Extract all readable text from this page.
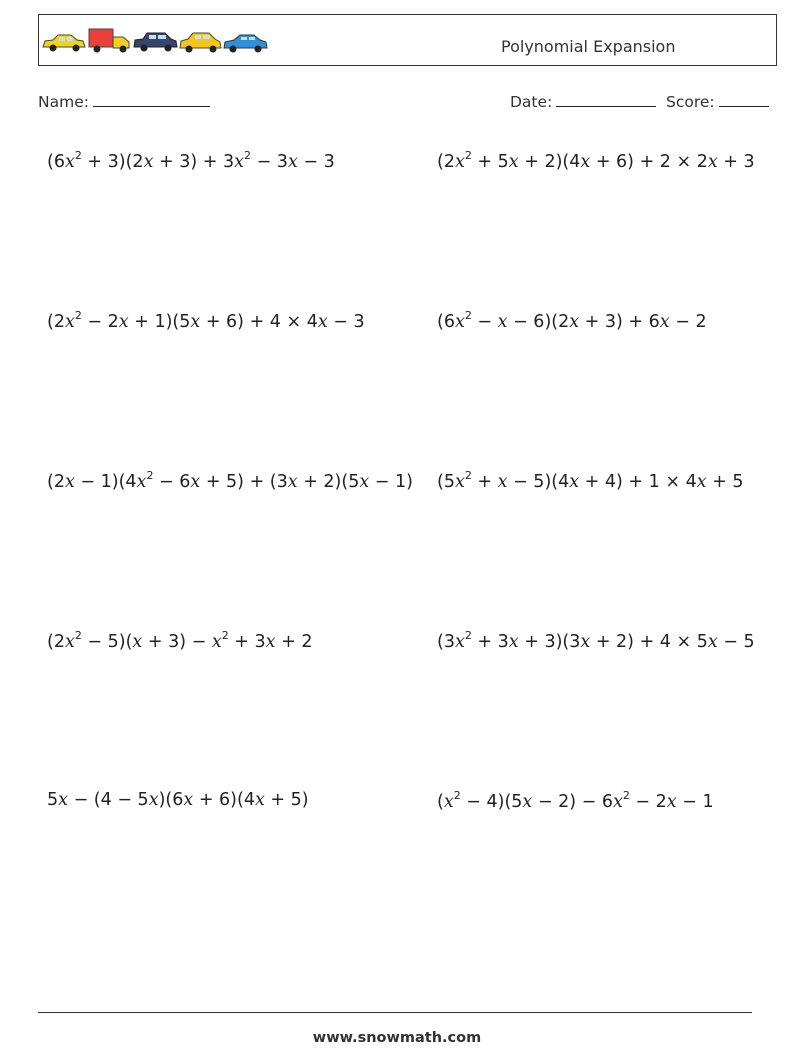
Polynomial Expansion
Name:	Date:	Score:
$(6x^2 + 3)(2x + 3) + 3x^2 - 3x - 3$	$(2x^2 + 5x + 2)(4x + 6) + 2 \times 2x + 3$
$(2x^2 - 2x + 1)(5x + 6) + 4 \times 4x - 3$	$(6x^2 - x - 6)(2x + 3) + 6x - 2$
$(2x - 1)(4x^2 - 6x + 5) + (3x + 2)(5x - 1)$ $(5x^2 + x - 5)(4x + 4) + 1 \times 4x + 5$
$(2x^2 - 5)(x + 3) - x^2 + 3x + 2$	$(3x^2 + 3x + 3)(3x + 2) + 4 \times 5x - 5$
5x − (4 − 5x)(6x + 6)(4x + 5)	$(x^2 - 4)(5x - 2) - 6x^2 - 2x - 1$
www.snowmath.com
